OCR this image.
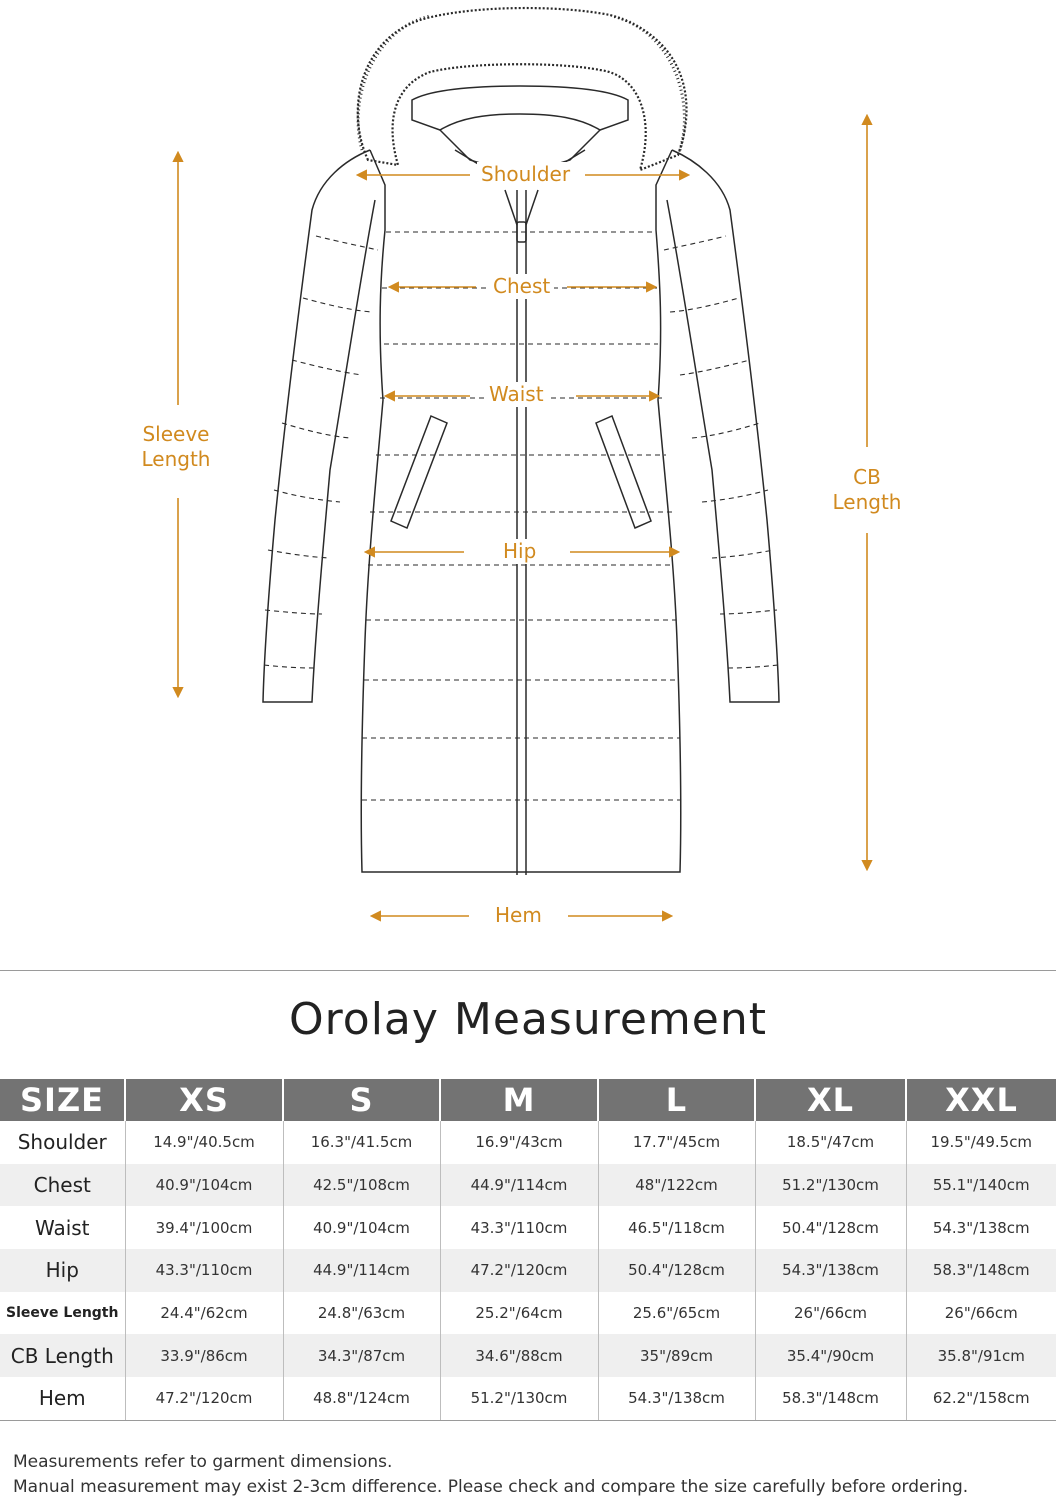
Shoulder
Chest
Waist
Hip
Hem
Sleeve
Length
CB
Length
Orolay Measurement
SIZE	XS	S	M	L	XL	XXL
Shoulder	14.9"/40.5cm	16.3"/41.5cm	16.9"/43cm	17.7"/45cm	18.5"/47cm	19.5"/49.5cm
Chest	40.9"/104cm	42.5"/108cm	44.9"/114cm	48"/122cm	51.2"/130cm	55.1"/140cm
Waist	39.4"/100cm	40.9"/104cm	43.3"/110cm	46.5"/118cm	50.4"/128cm	54.3"/138cm
Hip	43.3"/110cm	44.9"/114cm	47.2"/120cm	50.4"/128cm	54.3"/138cm	58.3"/148cm
Sleeve Length	24.4"/62cm	24.8"/63cm	25.2"/64cm	25.6"/65cm	26"/66cm	26"/66cm
CB Length	33.9"/86cm	34.3"/87cm	34.6"/88cm	35"/89cm	35.4"/90cm	35.8"/91cm
Hem	47.2"/120cm	48.8"/124cm	51.2"/130cm	54.3"/138cm	58.3"/148cm	62.2"/158cm
Measurements refer to garment dimensions.
Manual measurement may exist 2-3cm difference. Please check and compare the size carefully before ordering.
